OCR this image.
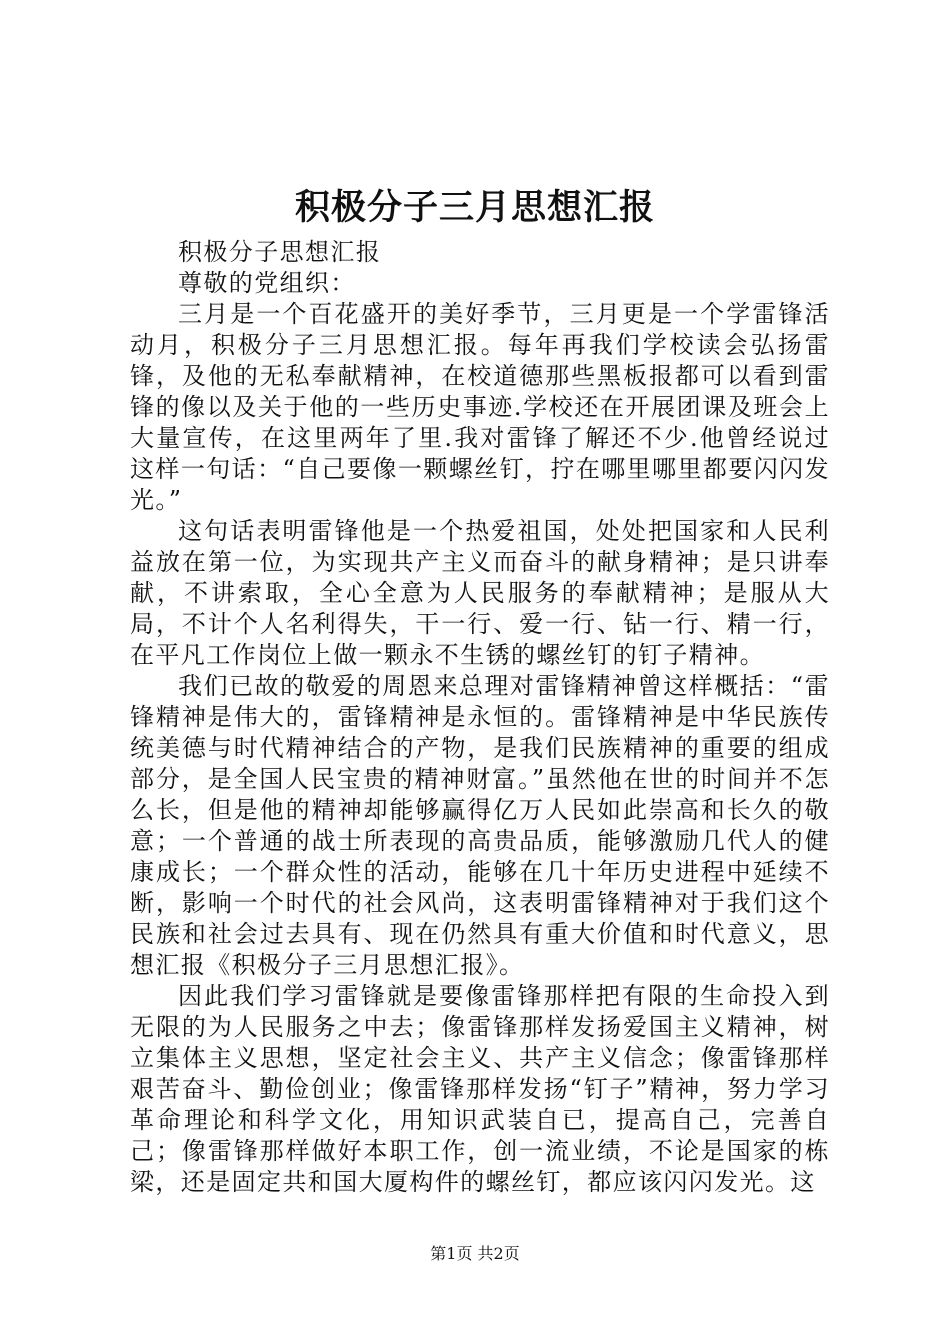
积极分子三月思想汇报

积极分子思想汇报

尊敬的党组织：

三月是一个百花盛开的美好季节，三月更是一个学雷锋活动月，积极分子三月思想汇报。每年再我们学校读会弘扬雷锋，及他的无私奉献精神，在校道德那些黑板报都可以看到雷锋的像以及关于他的一些历史事迹.学校还在开展团课及班会上大量宣传，在这里两年了里.我对雷锋了解还不少.他曾经说过这样一句话：“自己要像一颗螺丝钉，拧在哪里哪里都要闪闪发光。”

这句话表明雷锋他是一个热爱祖国，处处把国家和人民利益放在第一位，为实现共产主义而奋斗的献身精神；是只讲奉献，不讲索取，全心全意为人民服务的奉献精神；是服从大局，不计个人名利得失，干一行、爱一行、钻一行、精一行，在平凡工作岗位上做一颗永不生锈的螺丝钉的钉子精神。

我们已故的敬爱的周恩来总理对雷锋精神曾这样概括：“雷锋精神是伟大的，雷锋精神是永恒的。雷锋精神是中华民族传统美德与时代精神结合的产物，是我们民族精神的重要的组成部分，是全国人民宝贵的精神财富。”虽然他在世的时间并不怎么长，但是他的精神却能够赢得亿万人民如此崇高和长久的敬意；一个普通的战士所表现的高贵品质，能够激励几代人的健康成长；一个群众性的活动，能够在几十年历史进程中延续不断，影响一个时代的社会风尚，这表明雷锋精神对于我们这个民族和社会过去具有、现在仍然具有重大价值和时代意义，思想汇报《积极分子三月思想汇报》。

因此我们学习雷锋就是要像雷锋那样把有限的生命投入到无限的为人民服务之中去；像雷锋那样发扬爱国主义精神，树立集体主义思想，坚定社会主义、共产主义信念；像雷锋那样艰苦奋斗、勤俭创业；像雷锋那样发扬“钉子”精神，努力学习革命理论和科学文化，用知识武装自已，提高自己，完善自己；像雷锋那样做好本职工作，创一流业绩，不论是国家的栋梁，还是固定共和国大厦构件的螺丝钉，都应该闪闪发光。这

第1页 共2页
